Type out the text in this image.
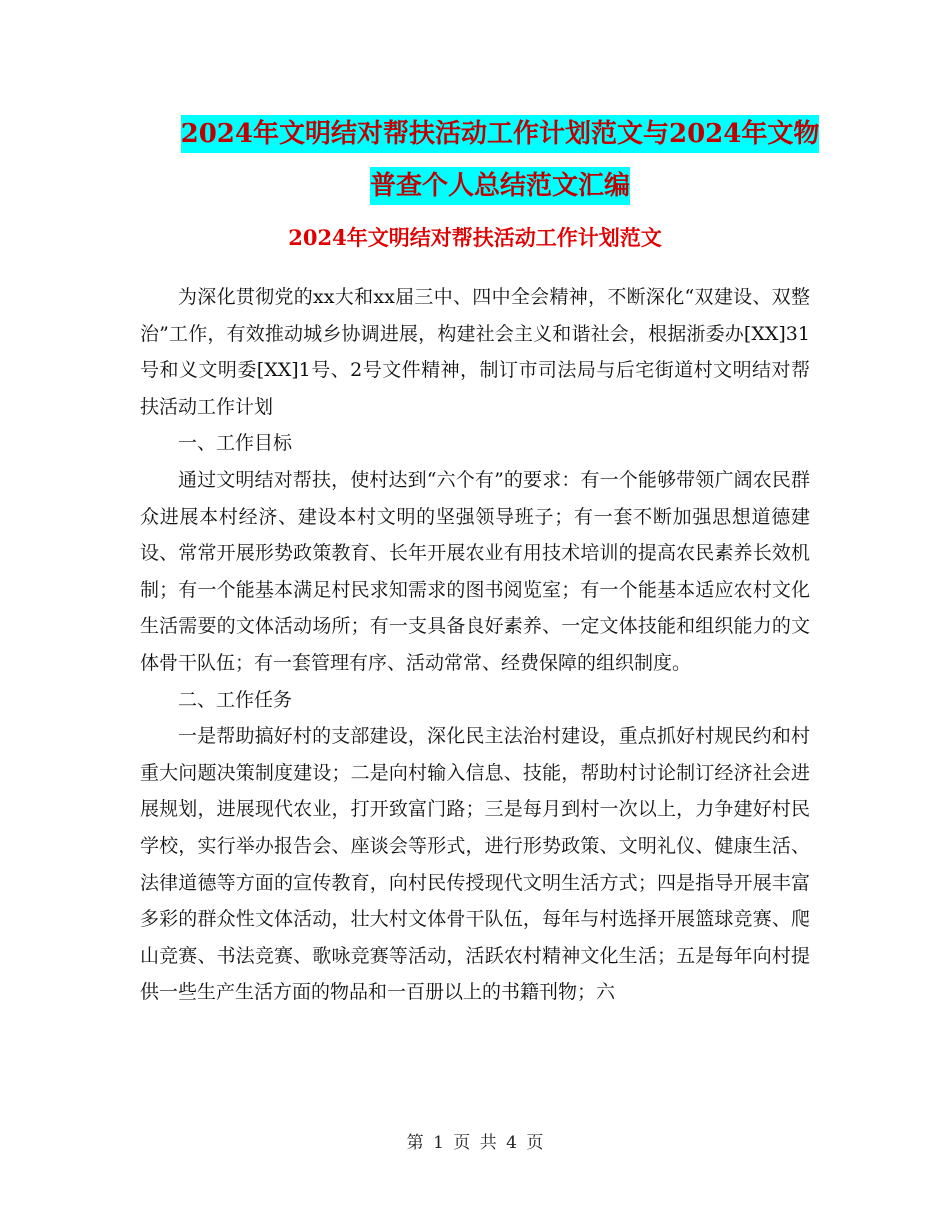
2024年文明结对帮扶活动工作计划范文与2024年文物
普查个人总结范文汇编
2024年文明结对帮扶活动工作计划范文

为深化贯彻党的xx大和xx届三中、四中全会精神，不断深化“双建设、双整治”工作，有效推动城乡协调进展，构建社会主义和谐社会，根据浙委办[XX]31号和义文明委[XX]1号、2号文件精神，制订市司法局与后宅街道村文明结对帮扶活动工作计划

一、工作目标

通过文明结对帮扶，使村达到“六个有”的要求：有一个能够带领广阔农民群众进展本村经济、建设本村文明的坚强领导班子；有一套不断加强思想道德建设、常常开展形势政策教育、长年开展农业有用技术培训的提高农民素养长效机制；有一个能基本满足村民求知需求的图书阅览室；有一个能基本适应农村文化生活需要的文体活动场所；有一支具备良好素养、一定文体技能和组织能力的文体骨干队伍；有一套管理有序、活动常常、经费保障的组织制度。

二、工作任务

一是帮助搞好村的支部建设，深化民主法治村建设，重点抓好村规民约和村重大问题决策制度建设；二是向村输入信息、技能，帮助村讨论制订经济社会进展规划，进展现代农业，打开致富门路；三是每月到村一次以上，力争建好村民学校，实行举办报告会、座谈会等形式，进行形势政策、文明礼仪、健康生活、法律道德等方面的宣传教育，向村民传授现代文明生活方式；四是指导开展丰富多彩的群众性文体活动，壮大村文体骨干队伍，每年与村选择开展篮球竞赛、爬山竞赛、书法竞赛、歌咏竞赛等活动，活跃农村精神文化生活；五是每年向村提供一些生产生活方面的物品和一百册以上的书籍刊物；六

第 1 页 共 4 页
